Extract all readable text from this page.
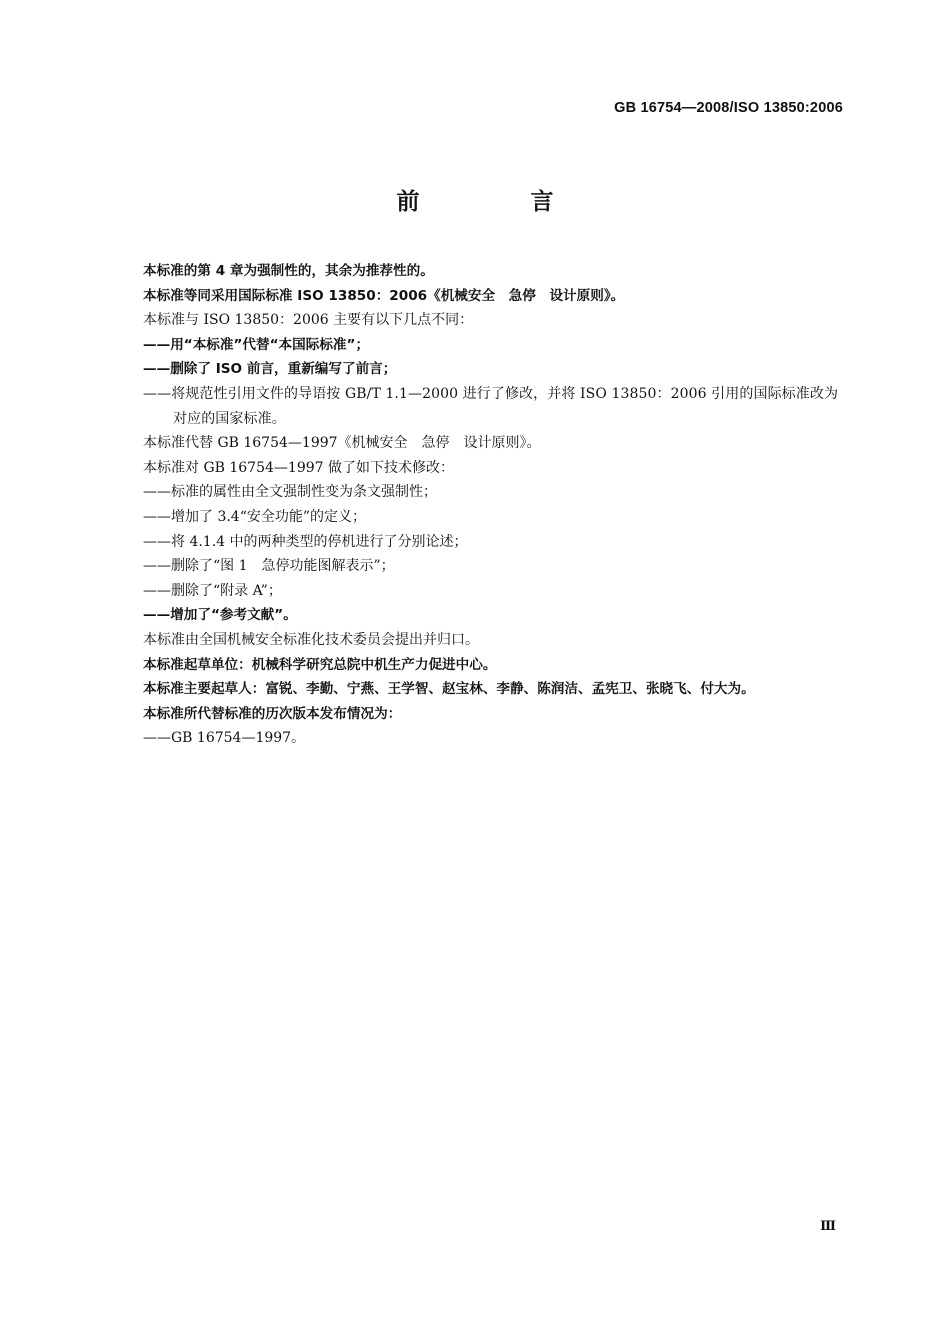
GB 16754—2008/ISO 13850:2006
前　言

本标准的第 4 章为强制性的，其余为推荐性的。

本标准等同采用国际标准 ISO 13850：2006《机械安全　急停　设计原则》。

本标准与 ISO 13850：2006 主要有以下几点不同：

——用“本标准”代替“本国际标准”；

——删除了 ISO 前言，重新编写了前言；

——将规范性引用文件的导语按 GB/T 1.1—2000 进行了修改，并将 ISO 13850：2006 引用的国际标准改为对应的国家标准。

本标准代替 GB 16754—1997《机械安全　急停　设计原则》。

本标准对 GB 16754—1997 做了如下技术修改：

——标准的属性由全文强制性变为条文强制性；

——增加了 3.4“安全功能”的定义；

——将 4.1.4 中的两种类型的停机进行了分别论述；

——删除了“图 1　急停功能图解表示”；

——删除了“附录 A”；

——增加了“参考文献”。

本标准由全国机械安全标准化技术委员会提出并归口。

本标准起草单位：机械科学研究总院中机生产力促进中心。

本标准主要起草人：富锐、李勤、宁燕、王学智、赵宝林、李静、陈润洁、孟宪卫、张晓飞、付大为。

本标准所代替标准的历次版本发布情况为：

——GB 16754—1997。

Ⅲ
